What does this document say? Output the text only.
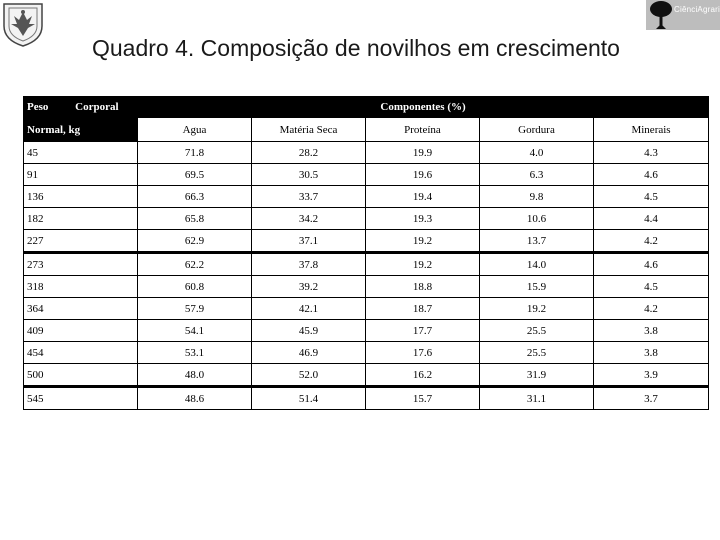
CiênciAgrari
Quadro 4. Composição de novilhos em crescimento
Peso Corporal	Componentes (%)				
Normal, kg	Agua	Matéria Seca	Proteína	Gordura	Minerais
45	71.8	28.2	19.9	4.0	4.3
91	69.5	30.5	19.6	6.3	4.6
136	66.3	33.7	19.4	9.8	4.5
182	65.8	34.2	19.3	10.6	4.4
227	62.9	37.1	19.2	13.7	4.2
273	62.2	37.8	19.2	14.0	4.6
318	60.8	39.2	18.8	15.9	4.5
364	57.9	42.1	18.7	19.2	4.2
409	54.1	45.9	17.7	25.5	3.8
454	53.1	46.9	17.6	25.5	3.8
500	48.0	52.0	16.2	31.9	3.9
545	48.6	51.4	15.7	31.1	3.7
